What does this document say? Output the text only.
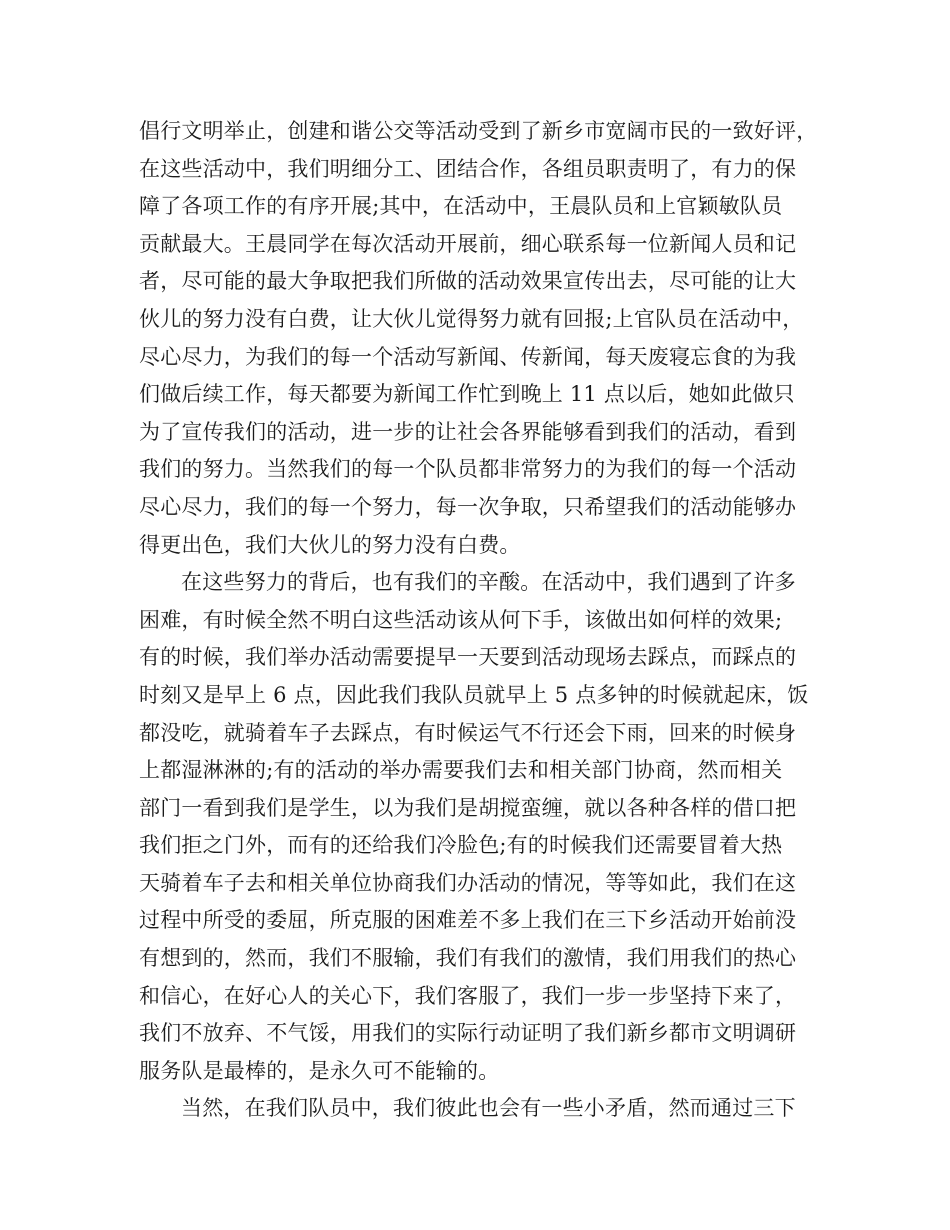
倡行文明举止，创建和谐公交等活动受到了新乡市宽阔市民的一致好评，
在这些活动中，我们明细分工、团结合作，各组员职责明了，有力的保
障了各项工作的有序开展;其中，在活动中，王晨队员和上官颖敏队员
贡献最大。王晨同学在每次活动开展前，细心联系每一位新闻人员和记
者，尽可能的最大争取把我们所做的活动效果宣传出去，尽可能的让大
伙儿的努力没有白费，让大伙儿觉得努力就有回报;上官队员在活动中，
尽心尽力，为我们的每一个活动写新闻、传新闻，每天废寝忘食的为我
们做后续工作，每天都要为新闻工作忙到晚上 11 点以后，她如此做只
为了宣传我们的活动，进一步的让社会各界能够看到我们的活动，看到
我们的努力。当然我们的每一个队员都非常努力的为我们的每一个活动
尽心尽力，我们的每一个努力，每一次争取，只希望我们的活动能够办
得更出色，我们大伙儿的努力没有白费。
在这些努力的背后，也有我们的辛酸。在活动中，我们遇到了许多
困难，有时候全然不明白这些活动该从何下手，该做出如何样的效果;
有的时候，我们举办活动需要提早一天要到活动现场去踩点，而踩点的
时刻又是早上 6 点，因此我们我队员就早上 5 点多钟的时候就起床，饭
都没吃，就骑着车子去踩点，有时候运气不行还会下雨，回来的时候身
上都湿淋淋的;有的活动的举办需要我们去和相关部门协商，然而相关
部门一看到我们是学生，以为我们是胡搅蛮缠，就以各种各样的借口把
我们拒之门外，而有的还给我们冷脸色;有的时候我们还需要冒着大热
天骑着车子去和相关单位协商我们办活动的情况，等等如此，我们在这
过程中所受的委屈，所克服的困难差不多上我们在三下乡活动开始前没
有想到的，然而，我们不服输，我们有我们的激情，我们用我们的热心
和信心，在好心人的关心下，我们客服了，我们一步一步坚持下来了，
我们不放弃、不气馁，用我们的实际行动证明了我们新乡都市文明调研
服务队是最棒的，是永久可不能输的。
当然，在我们队员中，我们彼此也会有一些小矛盾，然而通过三下
